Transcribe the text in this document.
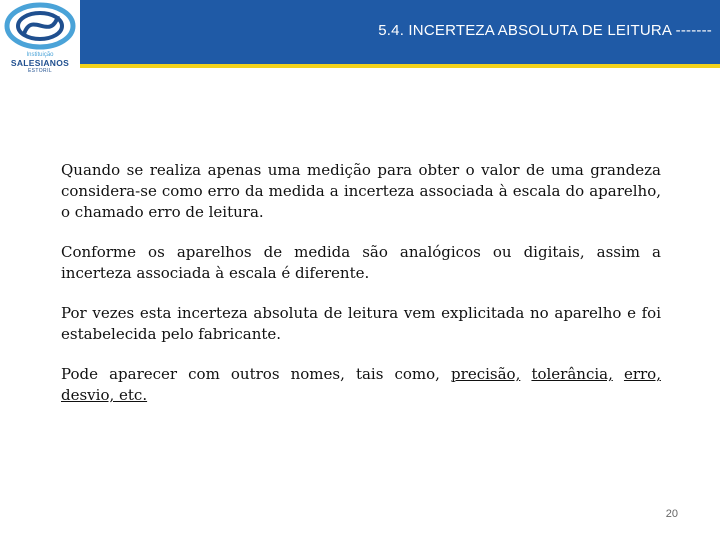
Instituição
SALESIANOS
ESTORIL
5.4. INCERTEZA ABSOLUTA DE LEITURA -------

Quando se realiza apenas uma medição para obter o valor de uma grandeza considera-se como erro da medida a incerteza associada à escala do aparelho, o chamado erro de leitura.

Conforme os aparelhos de medida são analógicos ou digitais, assim a incerteza associada à escala é diferente.

Por vezes esta incerteza absoluta de leitura vem explicitada no aparelho e foi estabelecida pelo fabricante.

Pode aparecer com outros nomes, tais como, precisão, tolerância, erro, desvio, etc.

20
